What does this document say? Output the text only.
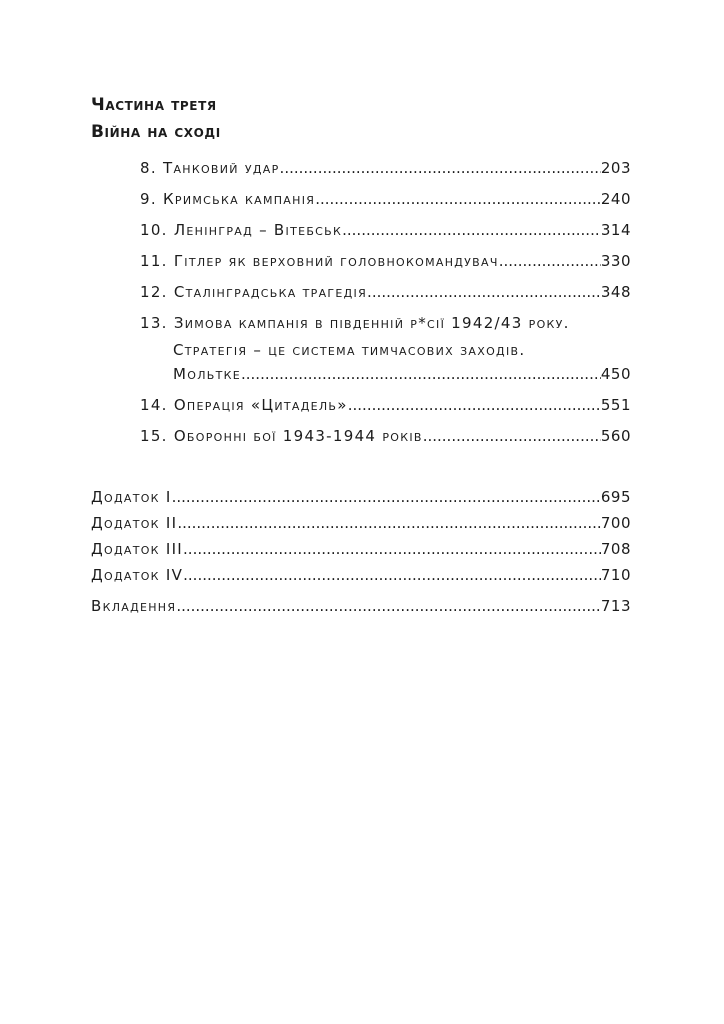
Частина третя
Війна на сході
8. Танковий удар .....	203
9. Кримська кампанія .....	240
10. Ленінград – Вітебськ .....	314
11. Гітлер як верховний головнокомандувач .....	330
12. Сталінградська трагедія .....	348
13. Зимова кампанія в південній р*сії 1942/43 року.
Стратегія – це система тимчасових заходів.
Мольтке .....	450
14. Операція «Цитадель» .....	551
15. Оборонні бої 1943-1944 років .....	560
Додаток I .....	695
Додаток II .....	700
Додаток III .....	708
Додаток IV .....	710
Вкладення .....	713
